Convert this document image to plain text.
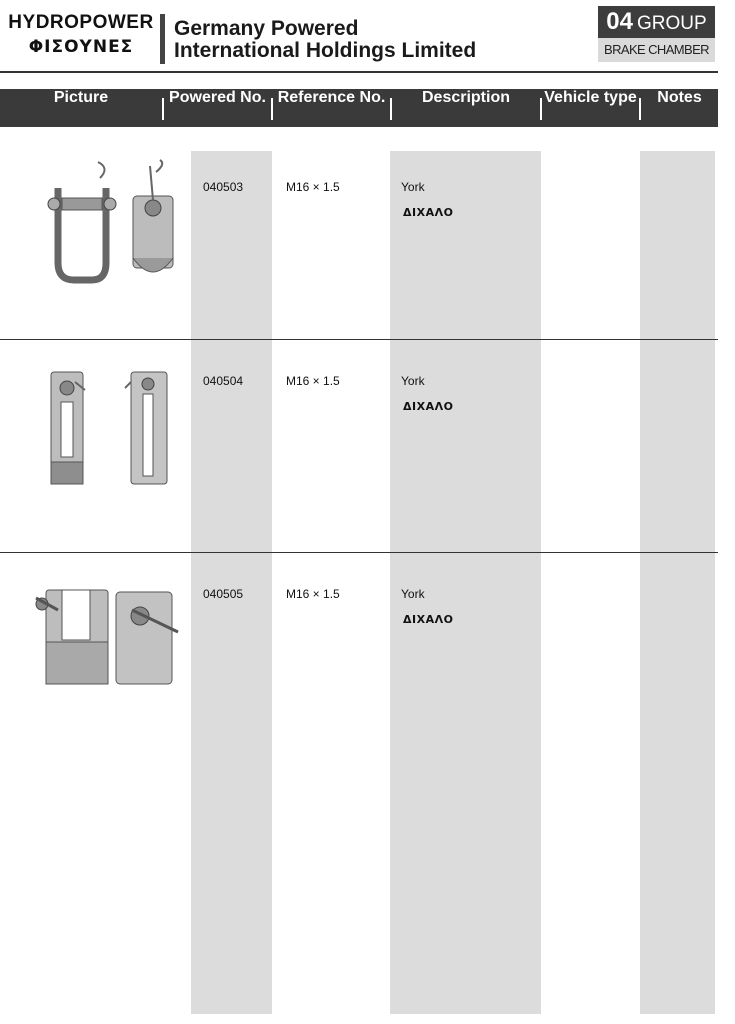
HYDROPOWER
ΦΙΣΟΥΝΕΣ
Germany Powered
International Holdings Limited
04 GROUP
BRAKE CHAMBER
Picture	Powered No. Reference No.	Description	Vehicle type	Notes
040503	M16 × 1.5	York
ΔΙΧΑΛΟ
040504	M16 × 1.5	York
ΔΙΧΑΛΟ
040505	M16 × 1.5	York
ΔΙΧΑΛΟ
